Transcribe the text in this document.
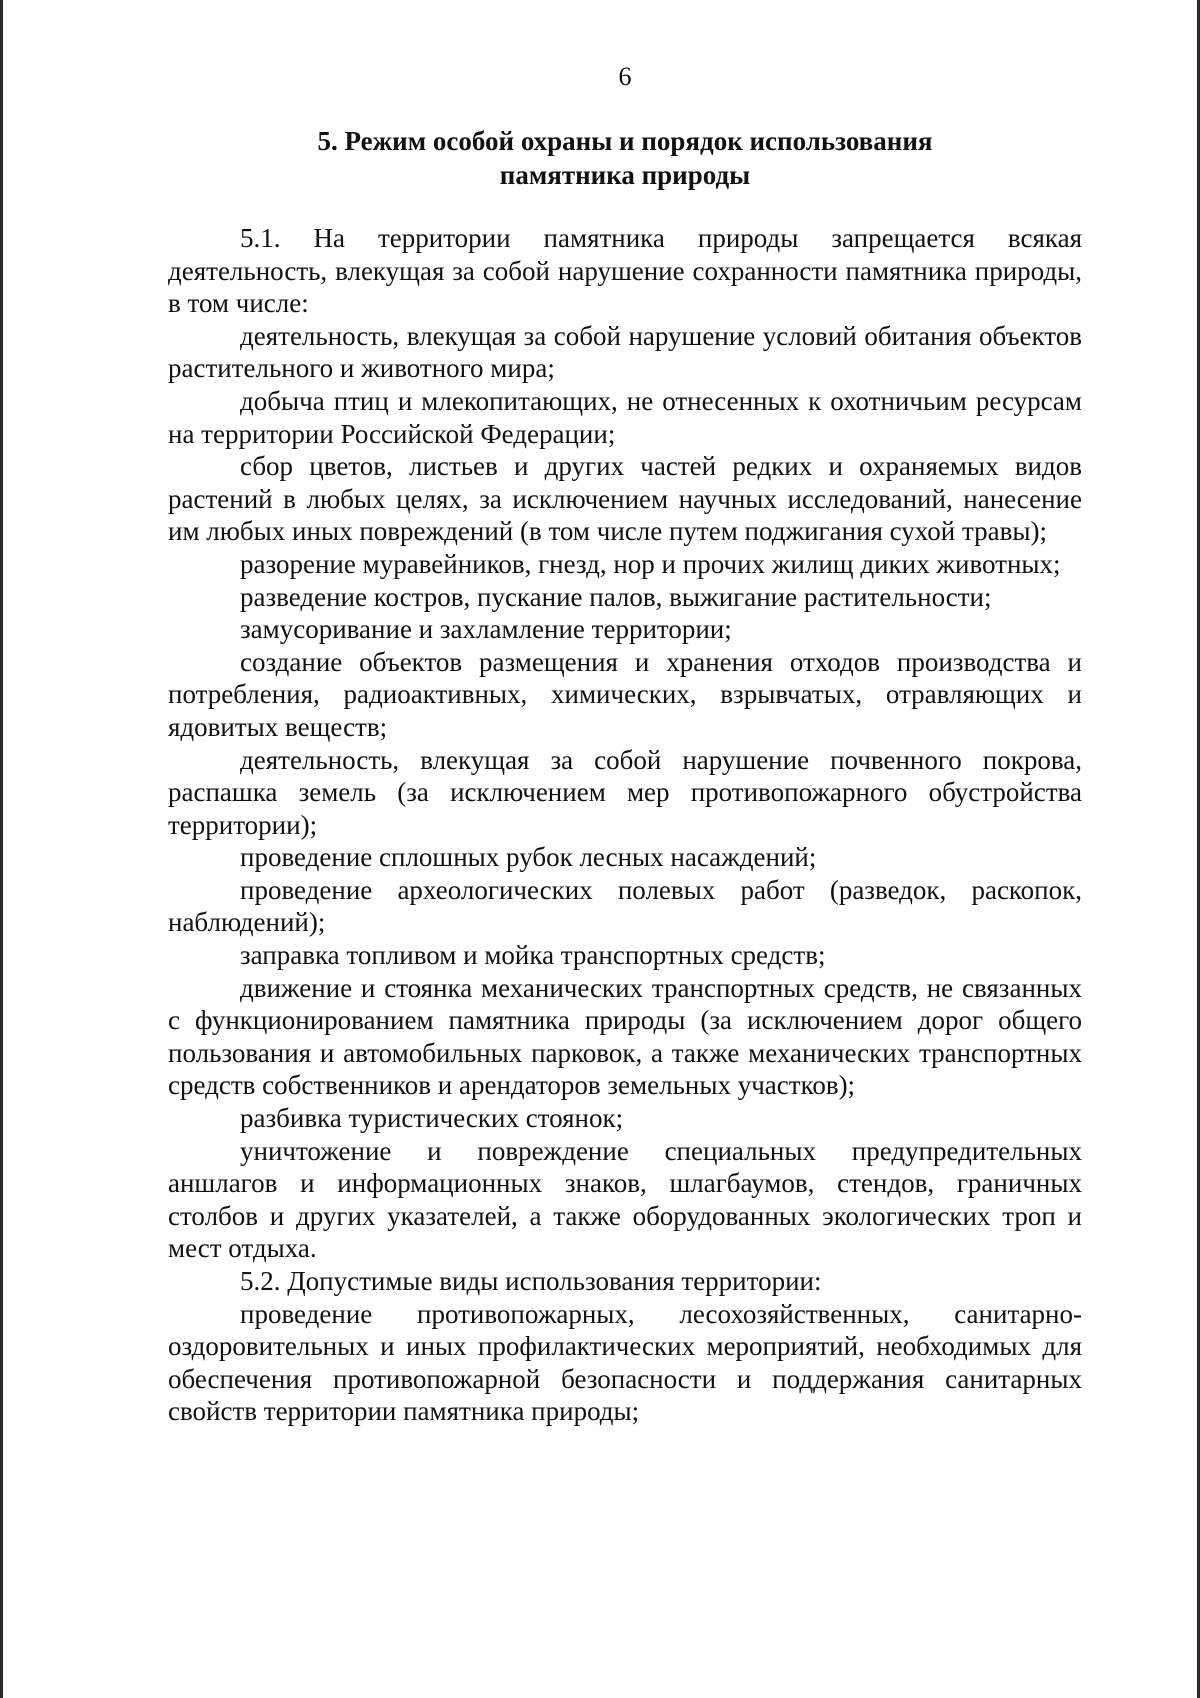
6
5. Режим особой охраны и порядок использования
памятника природы

5.1. На территории памятника природы запрещается всякая деятельность, влекущая за собой нарушение сохранности памятника природы, в том числе:

деятельность, влекущая за собой нарушение условий обитания объектов растительного и животного мира;

добыча птиц и млекопитающих, не отнесенных к охотничьим ресурсам на территории Российской Федерации;

сбор цветов, листьев и других частей редких и охраняемых видов растений в любых целях, за исключением научных исследований, нанесение им любых иных повреждений (в том числе путем поджигания сухой травы);

разорение муравейников, гнезд, нор и прочих жилищ диких животных;

разведение костров, пускание палов, выжигание растительности;

замусоривание и захламление территории;

создание объектов размещения и хранения отходов производства и потребления, радиоактивных, химических, взрывчатых, отравляющих и ядовитых веществ;

деятельность, влекущая за собой нарушение почвенного покрова, распашка земель (за исключением мер противопожарного обустройства территории);

проведение сплошных рубок лесных насаждений;

проведение археологических полевых работ (разведок, раскопок, наблюдений);

заправка топливом и мойка транспортных средств;

движение и стоянка механических транспортных средств, не связанных с функционированием памятника природы (за исключением дорог общего пользования и автомобильных парковок, а также механических транспортных средств собственников и арендаторов земельных участков);

разбивка туристических стоянок;

уничтожение и повреждение специальных предупредительных аншлагов и информационных знаков, шлагбаумов, стендов, граничных столбов и других указателей, а также оборудованных экологических троп и мест отдыха.

5.2. Допустимые виды использования территории:

проведение противопожарных, лесохозяйственных, санитарно-оздоровительных и иных профилактических мероприятий, необходимых для обеспечения противопожарной безопасности и поддержания санитарных свойств территории памятника природы;
